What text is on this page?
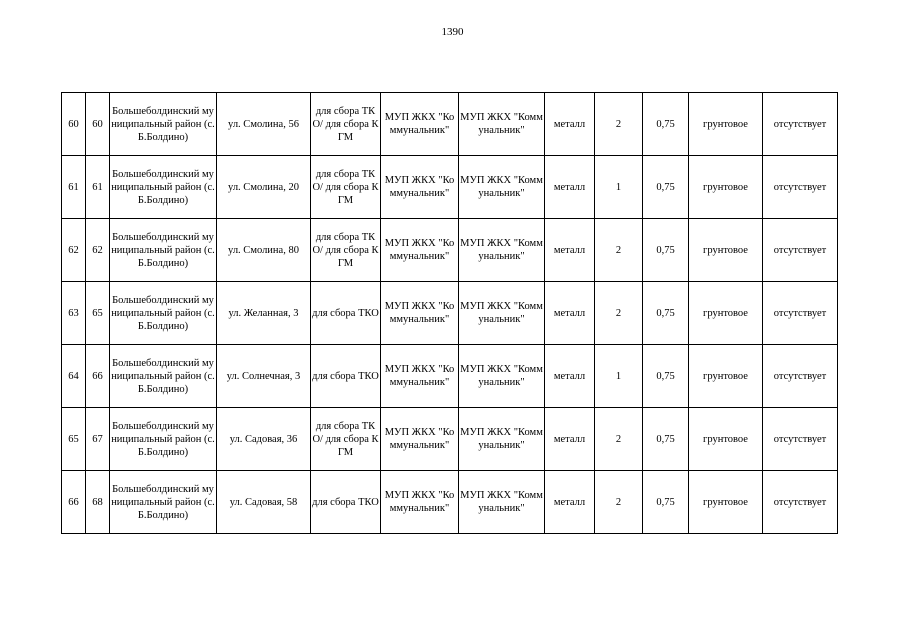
1390
60	60	Большеболдинский муниципальный район (с. Б.Болдино)	ул. Смолина, 56	для сбора ТКО/ для сбора КГМ	МУП ЖКХ "Коммунальник"	МУП ЖКХ "Коммунальник"	металл	2	0,75	грунтовое	отсутствует
61	61	Большеболдинский муниципальный район (с. Б.Болдино)	ул. Смолина, 20	для сбора ТКО/ для сбора КГМ	МУП ЖКХ "Коммунальник"	МУП ЖКХ "Коммунальник"	металл	1	0,75	грунтовое	отсутствует
62	62	Большеболдинский муниципальный район (с. Б.Болдино)	ул. Смолина, 80	для сбора ТКО/ для сбора КГМ	МУП ЖКХ "Коммунальник"	МУП ЖКХ "Коммунальник"	металл	2	0,75	грунтовое	отсутствует
63	65	Большеболдинский муниципальный район (с. Б.Болдино)	ул. Желанная, 3	для сбора ТКО	МУП ЖКХ "Коммунальник"	МУП ЖКХ "Коммунальник"	металл	2	0,75	грунтовое	отсутствует
64	66	Большеболдинский муниципальный район (с. Б.Болдино)	ул. Солнечная, 3	для сбора ТКО	МУП ЖКХ "Коммунальник"	МУП ЖКХ "Коммунальник"	металл	1	0,75	грунтовое	отсутствует
65	67	Большеболдинский муниципальный район (с. Б.Болдино)	ул. Садовая, 36	для сбора ТКО/ для сбора КГМ	МУП ЖКХ "Коммунальник"	МУП ЖКХ "Коммунальник"	металл	2	0,75	грунтовое	отсутствует
66	68	Большеболдинский муниципальный район (с. Б.Болдино)	ул. Садовая, 58	для сбора ТКО	МУП ЖКХ "Коммунальник"	МУП ЖКХ "Коммунальник"	металл	2	0,75	грунтовое	отсутствует
